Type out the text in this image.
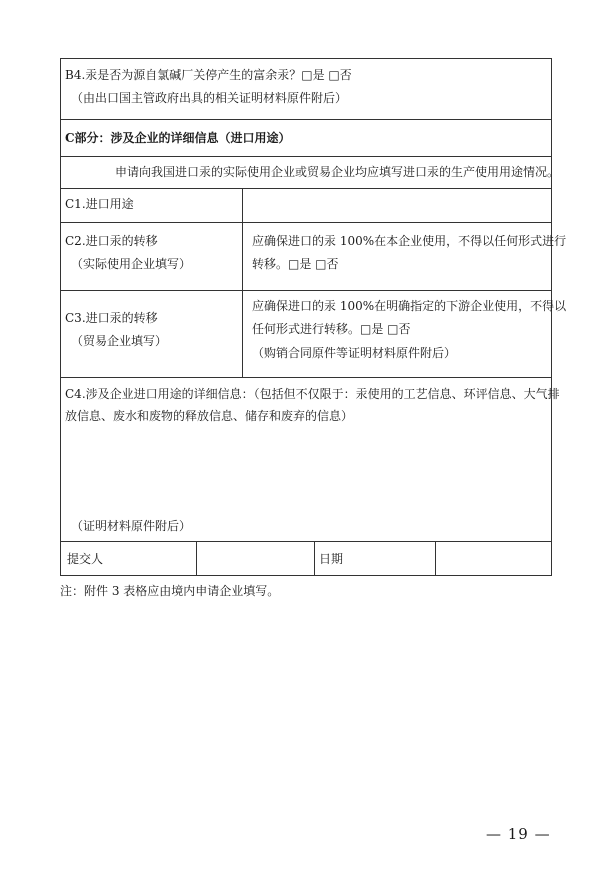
B4.汞是否为源自氯碱厂关停产生的富余汞？□是 □否
（由出口国主管政府出具的相关证明材料原件附后）
C部分：涉及企业的详细信息（进口用途）
申请向我国进口汞的实际使用企业或贸易企业均应填写进口汞的生产使用用途情况。
C1.进口用途
C2.进口汞的转移
（实际使用企业填写）
应确保进口的汞 100%在本企业使用，不得以任何形式进行
转移。□是 □否
C3.进口汞的转移
（贸易企业填写）
应确保进口的汞 100%在明确指定的下游企业使用，不得以
任何形式进行转移。□是 □否
（购销合同原件等证明材料原件附后）
C4.涉及企业进口用途的详细信息：（包括但不仅限于：汞使用的工艺信息、环评信息、大气排
放信息、废水和废物的释放信息、储存和废弃的信息）
（证明材料原件附后）
提交人	日期
注：附件 3 表格应由境内申请企业填写。
— 19 —
